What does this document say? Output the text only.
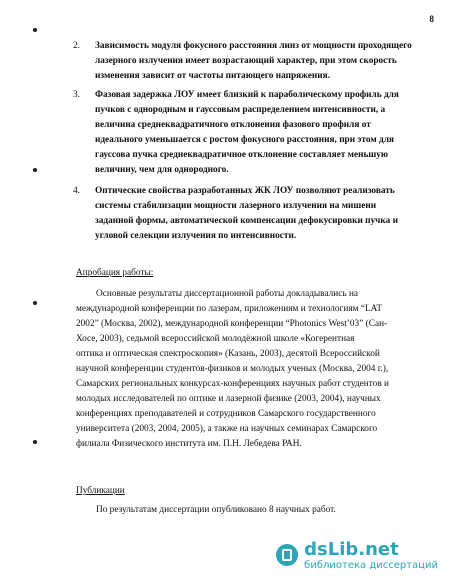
8
2. Зависимость модуля фокусного расстояния линз от мощности проходящего
лазерного излучения имеет возрастающий характер, при этом скорость
изменения зависит от частоты питающего напряжения.
3. Фазовая задержка ЛОУ имеет близкий к параболическому профиль для
пучков с однородным и гауссовым распределением интенсивности, а
величина среднеквадратичного отклонения фазового профиля от
идеального уменьшается с ростом фокусного расстояния, при этом для
гауссова пучка среднеквадратичное отклонение составляет меньшую
величину, чем для однородного.
4. Оптические свойства разработанных ЖК ЛОУ позволяют реализовать
системы стабилизации мощности лазерного излучения на мишени
заданной формы, автоматической компенсации дефокусировки пучка и
угловой селекции излучения по интенсивности.
Апробация работы:
Основные результаты диссертационной работы докладывались на
международной конференции по лазерам, приложениям и технологиям “LAT
2002” (Москва, 2002), международной конференции “Photonics West’03” (Сан-
Хосе, 2003), седьмой всероссийской молодёжной школе «Когерентная
оптика и оптическая спектроскопия» (Казань, 2003), десятой Всероссийской
научной конференции студентов-физиков и молодых ученых (Москва, 2004 г.),
Самарских региональных конкурсах-конференциях научных работ студентов и
молодых исследователей по оптике и лазерной физике (2003, 2004), научных
конференциях преподавателей и сотрудников Самарского государственного
университета (2003, 2004, 2005), а также на научных семинарах Самарского
филиала Физического института им. П.Н. Лебедева РАН.
Публикации
По результатам диссертации опубликовано 8 научных работ.
dsLib.net
библиотека диссертаций
